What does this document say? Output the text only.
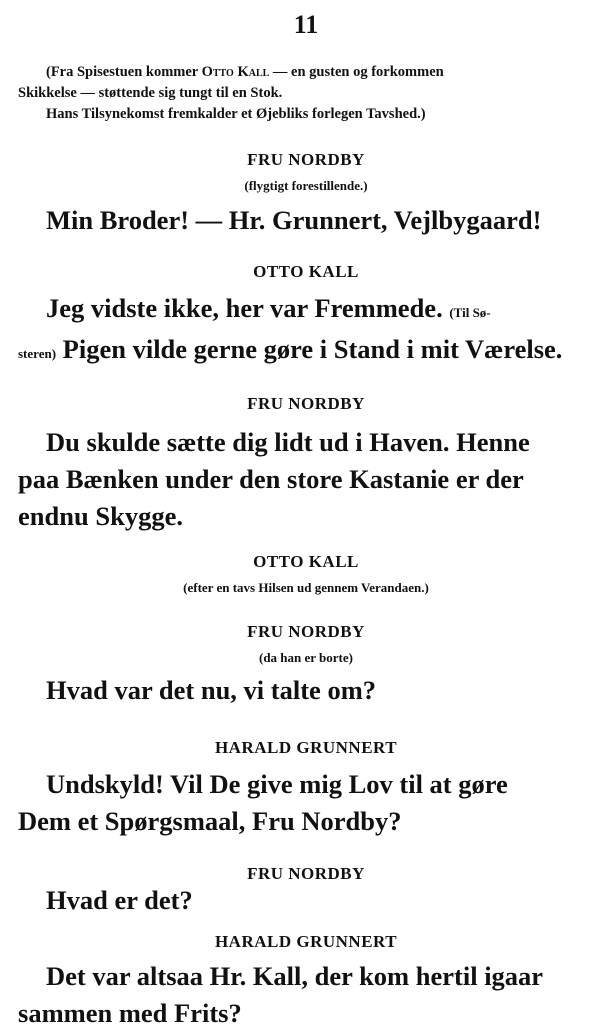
11
(Fra Spisestuen kommer Otto Kall — en gusten og forkommen
Skikkelse — støttende sig tungt til en Stok.
Hans Tilsynekomst fremkalder et Øjebliks forlegen Tavshed.)
FRU NORDBY
(flygtigt forestillende.)
Min Broder! — Hr. Grunnert, Vejlbygaard!
OTTO KALL
Jeg vidste ikke, her var Fremmede. (Til Sø-
steren) Pigen vilde gerne gøre i Stand i mit Værelse.
FRU NORDBY
Du skulde sætte dig lidt ud i Haven. Henne
paa Bænken under den store Kastanie er der
endnu Skygge.
OTTO KALL
(efter en tavs Hilsen ud gennem Verandaen.)
FRU NORDBY
(da han er borte)
Hvad var det nu, vi talte om?
HARALD GRUNNERT
Undskyld! Vil De give mig Lov til at gøre
Dem et Spørgsmaal, Fru Nordby?
FRU NORDBY
Hvad er det?
HARALD GRUNNERT
Det var altsaa Hr. Kall, der kom hertil igaar
sammen med Frits?
